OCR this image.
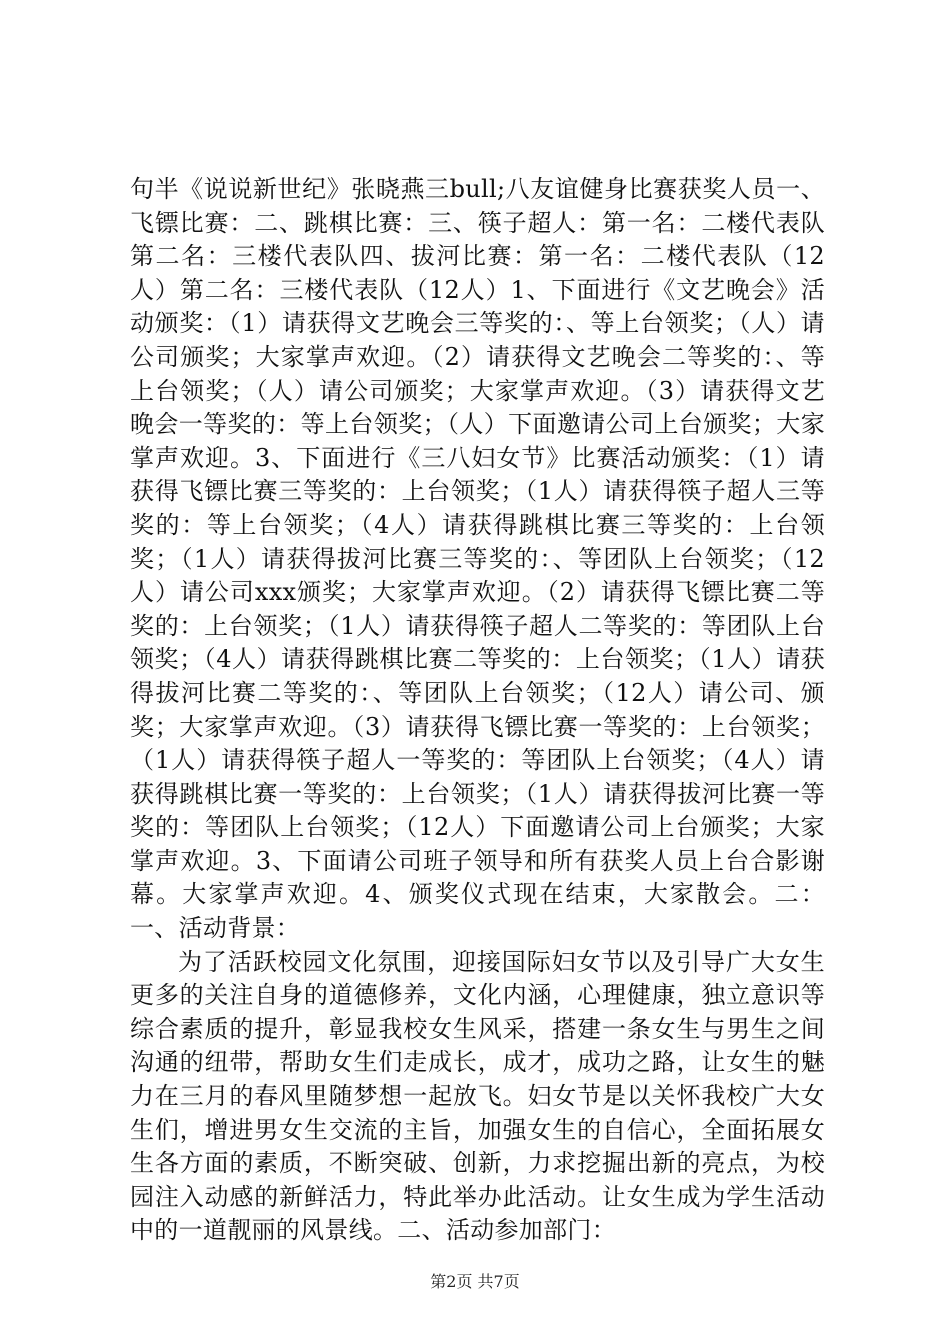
句半《说说新世纪》张晓燕三bull;八友谊健身比赛获奖人员一、飞镖比赛：二、跳棋比赛：三、筷子超人：第一名：二楼代表队第二名：三楼代表队四、拔河比赛：第一名：二楼代表队（12人）第二名：三楼代表队（12人）1、下面进行《文艺晚会》活动颁奖：（1）请获得文艺晚会三等奖的：、等上台领奖；（人）请公司颁奖；大家掌声欢迎。（2）请获得文艺晚会二等奖的：、等上台领奖；（人）请公司颁奖；大家掌声欢迎。（3）请获得文艺晚会一等奖的：等上台领奖；（人）下面邀请公司上台颁奖；大家掌声欢迎。3、下面进行《三八妇女节》比赛活动颁奖：（1）请获得飞镖比赛三等奖的：上台领奖；（1人）请获得筷子超人三等奖的：等上台领奖；（4人）请获得跳棋比赛三等奖的：上台领奖；（1人）请获得拔河比赛三等奖的：、等团队上台领奖；（12人）请公司xxx颁奖；大家掌声欢迎。（2）请获得飞镖比赛二等奖的：上台领奖；（1人）请获得筷子超人二等奖的：等团队上台领奖；（4人）请获得跳棋比赛二等奖的：上台领奖；（1人）请获得拔河比赛二等奖的：、等团队上台领奖；（12人）请公司、颁奖；大家掌声欢迎。（3）请获得飞镖比赛一等奖的：上台领奖；（1人）请获得筷子超人一等奖的：等团队上台领奖；（4人）请获得跳棋比赛一等奖的：上台领奖；（1人）请获得拔河比赛一等奖的：等团队上台领奖；（12人）下面邀请公司上台颁奖；大家掌声欢迎。3、下面请公司班子领导和所有获奖人员上台合影谢幕。大家掌声欢迎。4、颁奖仪式现在结束，大家散会。二：一、活动背景：

为了活跃校园文化氛围，迎接国际妇女节以及引导广大女生更多的关注自身的道德修养，文化内涵，心理健康，独立意识等综合素质的提升，彰显我校女生风采，搭建一条女生与男生之间沟通的纽带，帮助女生们走成长，成才，成功之路，让女生的魅力在三月的春风里随梦想一起放飞。妇女节是以关怀我校广大女生们，增进男女生交流的主旨，加强女生的自信心，全面拓展女生各方面的素质，不断突破、创新，力求挖掘出新的亮点，为校园注入动感的新鲜活力，特此举办此活动。让女生成为学生活动中的一道靓丽的风景线。二、活动参加部门：

第2页 共7页
